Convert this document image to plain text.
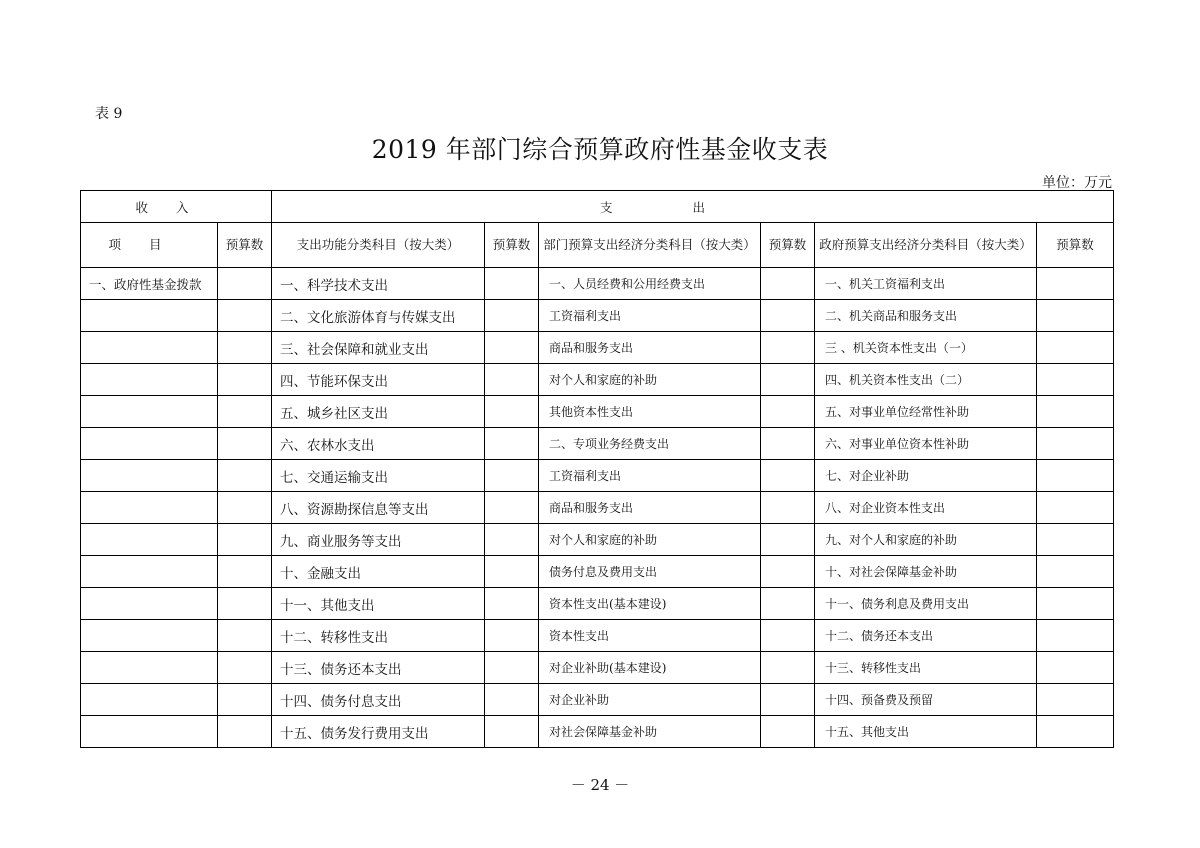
表 9
2019 年部门综合预算政府性基金收支表
单位：万元
收入		支出					
项目	预算数	支出功能分类科目（按大类）	预算数	部门预算支出经济分类科目（按大类）	预算数	政府预算支出经济分类科目（按大类）	预算数
一、政府性基金拨款		一、科学技术支出		一、人员经费和公用经费支出		一、机关工资福利支出	
		二、文化旅游体育与传媒支出		工资福利支出		二、机关商品和服务支出	
		三、社会保障和就业支出		商品和服务支出		三 、机关资本性支出（一）	
		四、节能环保支出		对个人和家庭的补助		四、机关资本性支出（二）	
		五、城乡社区支出		其他资本性支出		五、对事业单位经常性补助	
		六、农林水支出		二、专项业务经费支出		六、对事业单位资本性补助	
		七、交通运输支出		工资福利支出		七、对企业补助	
		八、资源勘探信息等支出		商品和服务支出		八、对企业资本性支出	
		九、商业服务等支出		对个人和家庭的补助		九、对个人和家庭的补助	
		十、金融支出		债务付息及费用支出		十、对社会保障基金补助	
		十一、其他支出		资本性支出(基本建设)		十一、债务利息及费用支出	
		十二、转移性支出		资本性支出		十二、债务还本支出	
		十三、债务还本支出		对企业补助(基本建设)		十三、转移性支出	
		十四、债务付息支出		对企业补助		十四、预备费及预留	
		十五、债务发行费用支出		对社会保障基金补助		十五、其他支出	
－ 24 －
